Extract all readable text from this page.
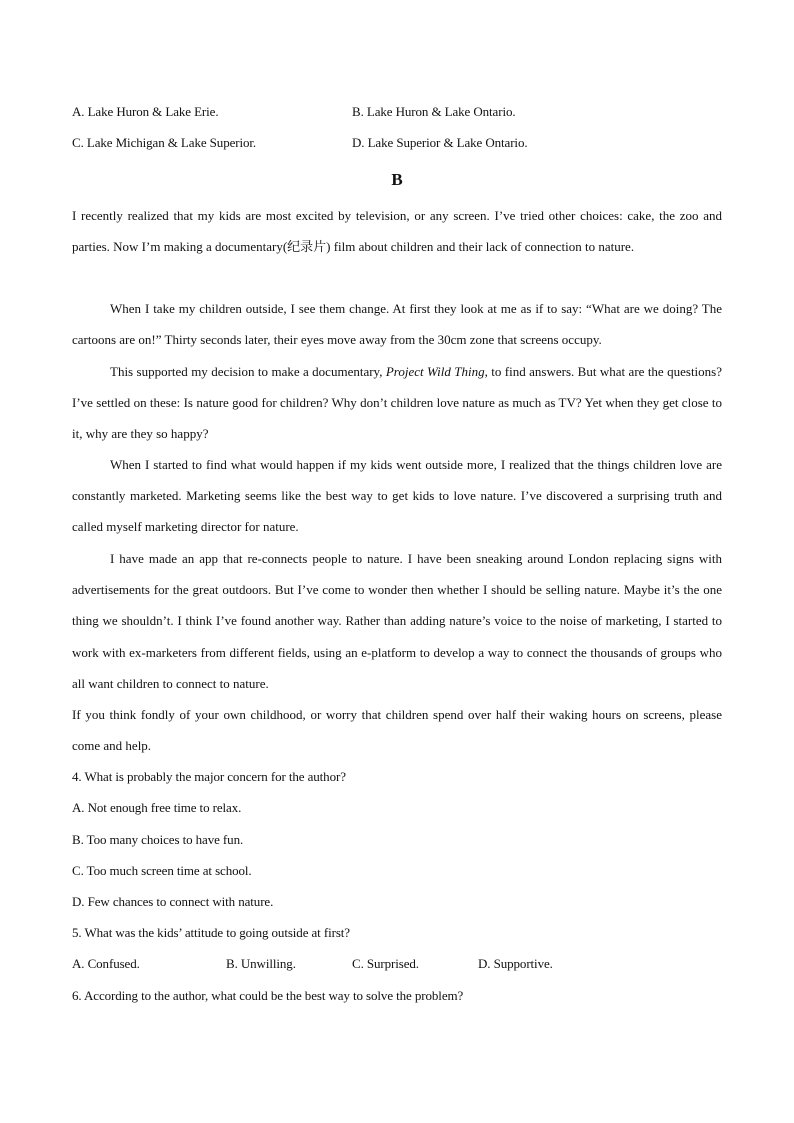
A. Lake Huron & Lake Erie.	B. Lake Huron & Lake Ontario.
C. Lake Michigan & Lake Superior.	D. Lake Superior & Lake Ontario.
B
I recently realized that my kids are most excited by television, or any screen. I’ve tried other choices: cake, the zoo and parties. Now I’m making a documentary(纪录片) film about children and their lack of connection to nature.
When I take my children outside, I see them change. At first they look at me as if to say: “What are we doing? The cartoons are on!” Thirty seconds later, their eyes move away from the 30cm zone that screens occupy.
This supported my decision to make a documentary, Project Wild Thing, to find answers. But what are the questions? I’ve settled on these: Is nature good for children? Why don’t children love nature as much as TV? Yet when they get close to it, why are they so happy?
When I started to find what would happen if my kids went outside more, I realized that the things children love are constantly marketed. Marketing seems like the best way to get kids to love nature. I’ve discovered a surprising truth and called myself marketing director for nature.
I have made an app that re-connects people to nature. I have been sneaking around London replacing signs with advertisements for the great outdoors. But I’ve come to wonder then whether I should be selling nature. Maybe it’s the one thing we shouldn’t. I think I’ve found another way. Rather than adding nature’s voice to the noise of marketing, I started to work with ex-marketers from different fields, using an e-platform to develop a way to connect the thousands of groups who all want children to connect to nature.
If you think fondly of your own childhood, or worry that children spend over half their waking hours on screens, please come and help.
4. What is probably the major concern for the author?
A. Not enough free time to relax.
B. Too many choices to have fun.
C. Too much screen time at school.
D. Few chances to connect with nature.
5. What was the kids’ attitude to going outside at first?
A. Confused.	B. Unwilling.	C. Surprised.	D. Supportive.
6. According to the author, what could be the best way to solve the problem?
